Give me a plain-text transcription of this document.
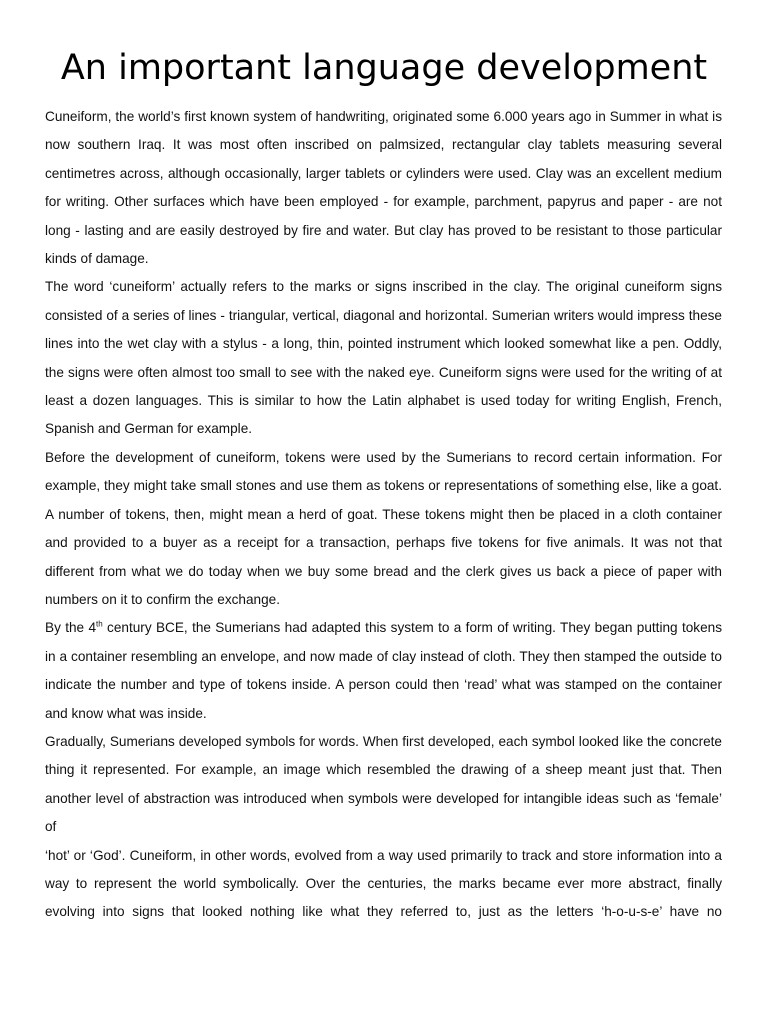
An important language development

Cuneiform, the world’s first known system of handwriting, originated some 6.000 years ago in Summer in what is now southern Iraq. It was most often inscribed on palmsized, rectangular clay tablets measuring several centimetres across, although occasionally, larger tablets or cylinders were used. Clay was an excellent medium for writing. Other surfaces which have been employed - for example, parchment, papyrus and paper - are not long - lasting and are easily destroyed by fire and water. But clay has proved to be resistant to those particular kinds of damage.

The word ‘cuneiform’ actually refers to the marks or signs inscribed in the clay. The original cuneiform signs consisted of a series of lines - triangular, vertical, diagonal and horizontal. Sumerian writers would impress these lines into the wet clay with a stylus - a long, thin, pointed instrument which looked somewhat like a pen. Oddly, the signs were often almost too small to see with the naked eye. Cuneiform signs were used for the writing of at least a dozen languages. This is similar to how the Latin alphabet is used today for writing English, French, Spanish and German for example.

Before the development of cuneiform, tokens were used by the Sumerians to record certain information. For example, they might take small stones and use them as tokens or representations of something else, like a goat. A number of tokens, then, might mean a herd of goat. These tokens might then be placed in a cloth container and provided to a buyer as a receipt for a transaction, perhaps five tokens for five animals. It was not that different from what we do today when we buy some bread and the clerk gives us back a piece of paper with numbers on it to confirm the exchange.

By the 4th century BCE, the Sumerians had adapted this system to a form of writing. They began putting tokens in a container resembling an envelope, and now made of clay instead of cloth. They then stamped the outside to indicate the number and type of tokens inside. A person could then ‘read’ what was stamped on the container and know what was inside.

Gradually, Sumerians developed symbols for words. When first developed, each symbol looked like the concrete thing it represented. For example, an image which resembled the drawing of a sheep meant just that. Then another level of abstraction was introduced when symbols were developed for intangible ideas such as ‘female’ of

‘hot’ or ‘God’. Cuneiform, in other words, evolved from a way used primarily to track and store information into a way to represent the world symbolically. Over the centuries, the marks became ever more abstract, finally evolving into signs that looked nothing like what they referred to, just as the letters ‘h-o-u-s-e’ have no
